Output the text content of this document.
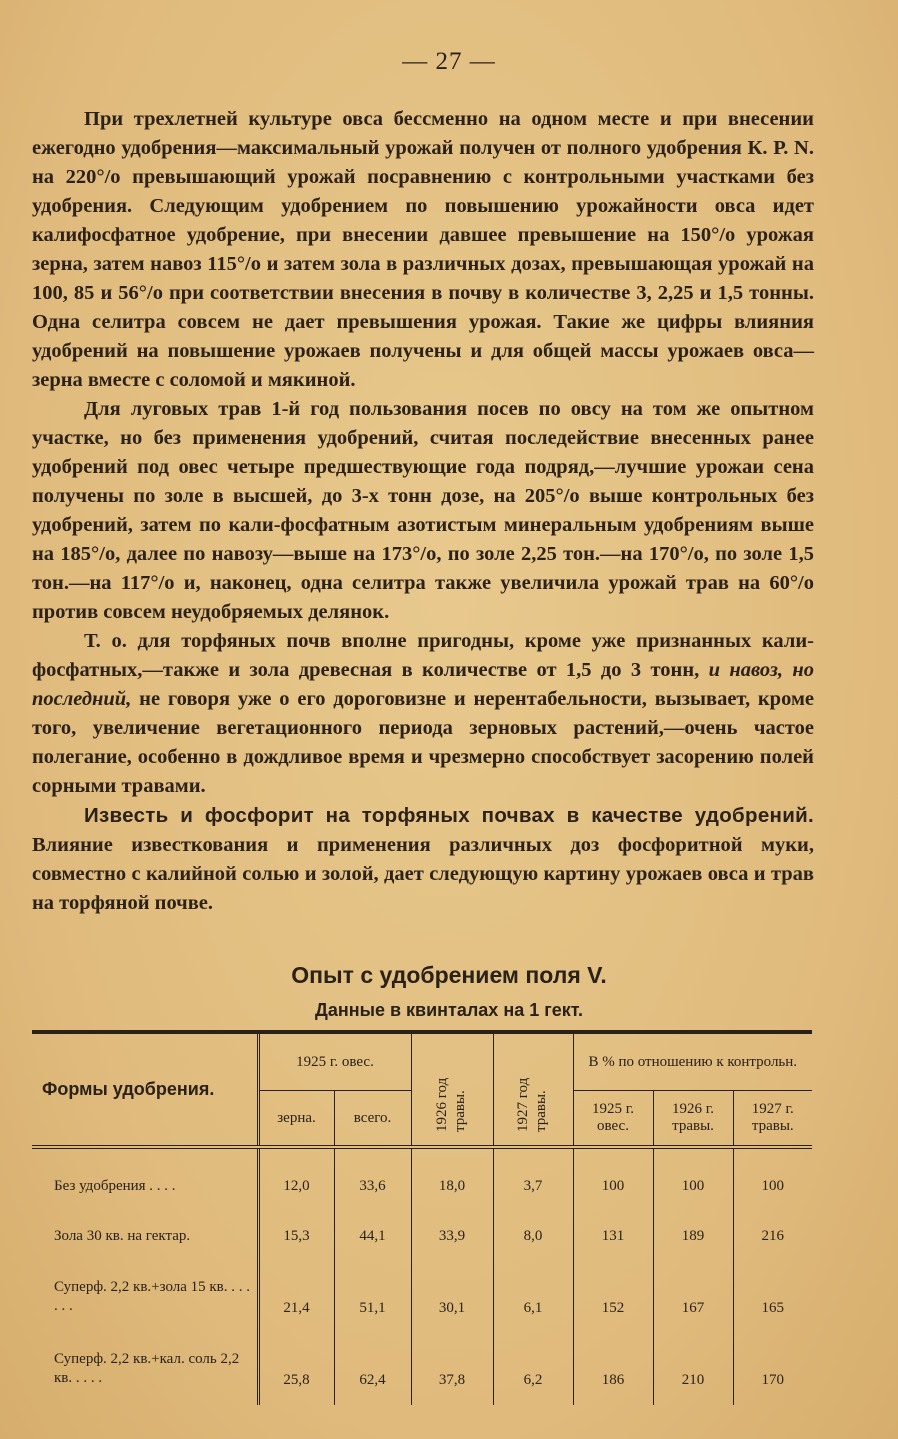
— 27 —

При трехлетней культуре овса бессменно на одном месте и при внесении ежегодно удобрения—максимальный урожай получен от полного удобрения К. Р. N. на 220°/о превышающий урожай посравнению с контрольными участками без удобрения. Следующим удобрением по повышению урожайности овса идет калифосфатное удобрение, при внесении давшее превышение на 150°/о урожая зерна, затем навоз 115°/о и затем зола в различных дозах, превышающая урожай на 100, 85 и 56°/о при соответствии внесения в почву в количестве 3, 2,25 и 1,5 тонны. Одна селитра совсем не дает превышения урожая. Такие же цифры влияния удобрений на повышение урожаев получены и для общей массы урожаев овса—зерна вместе с соломой и мякиной.

Для луговых трав 1-й год пользования посев по овсу на том же опытном участке, но без применения удобрений, считая последействие внесенных ранее удобрений под овес четыре предшествующие года подряд,—лучшие урожаи сена получены по золе в высшей, до 3-х тонн дозе, на 205°/о выше контрольных без удобрений, затем по кали-фосфатным азотистым минеральным удобрениям выше на 185°/о, далее по навозу—выше на 173°/о, по золе 2,25 тон.—на 170°/о, по золе 1,5 тон.—на 117°/о и, наконец, одна селитра также увеличила урожай трав на 60°/о против совсем неудобряемых делянок.

Т. о. для торфяных почв вполне пригодны, кроме уже признанных кали-фосфатных,—также и зола древесная в количестве от 1,5 до 3 тонн, и навоз, но последний, не говоря уже о его дороговизне и нерентабельности, вызывает, кроме того, увеличение вегетационного периода зерновых растений,—очень частое полегание, особенно в дождливое время и чрезмерно способствует засорению полей сорными травами.

Известь и фосфорит на торфяных почвах в качестве удобрений. Влияние известкования и применения различных доз фосфоритной муки, совместно с калийной солью и золой, дает следующую картину урожаев овса и трав на торфяной почве.

Опыт с удобрением поля V.
Данные в квинталах на 1 гект.
Формы удобрения.	1925 г. овес.		1926 год травы.	1927 год травы.	В % по отношению к контрольн.		
	зерна.	всего.			1925 г. овес.	1926 г. травы.	1927 г. травы.
Без удобрения . . . .	12,0	33,6	18,0	3,7	100	100	100
Зола 30 кв. на гектар.	15,3	44,1	33,9	8,0	131	189	216
Суперф. 2,2 кв.+зола 15 кв. . . . . . .	21,4	51,1	30,1	6,1	152	167	165
Суперф. 2,2 кв.+кал. соль 2,2 кв. . . . .	25,8	62,4	37,8	6,2	186	210	170
